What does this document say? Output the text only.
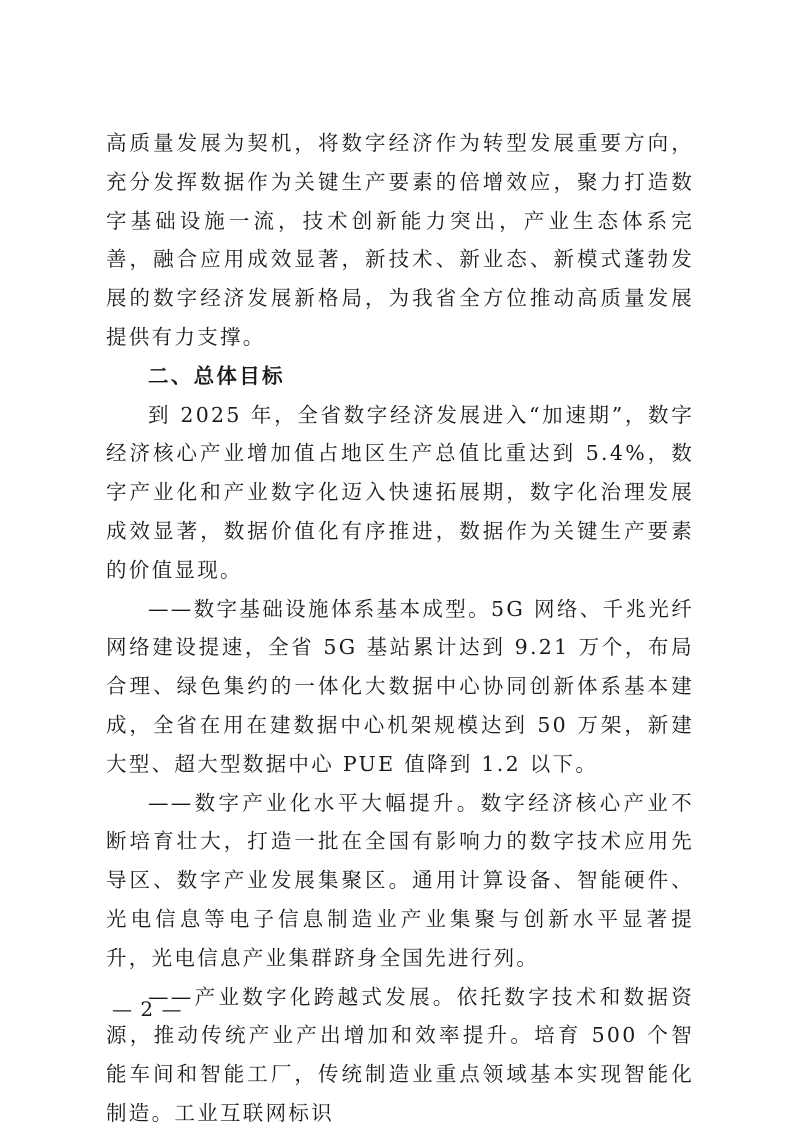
高质量发展为契机，将数字经济作为转型发展重要方向，充分发挥数据作为关键生产要素的倍增效应，聚力打造数字基础设施一流，技术创新能力突出，产业生态体系完善，融合应用成效显著，新技术、新业态、新模式蓬勃发展的数字经济发展新格局，为我省全方位推动高质量发展提供有力支撑。

二、总体目标

到 2025 年，全省数字经济发展进入“加速期”，数字经济核心产业增加值占地区生产总值比重达到 5.4%，数字产业化和产业数字化迈入快速拓展期，数字化治理发展成效显著，数据价值化有序推进，数据作为关键生产要素的价值显现。

——数字基础设施体系基本成型。5G 网络、千兆光纤网络建设提速，全省 5G 基站累计达到 9.21 万个，布局合理、绿色集约的一体化大数据中心协同创新体系基本建成，全省在用在建数据中心机架规模达到 50 万架，新建大型、超大型数据中心 PUE 值降到 1.2 以下。

——数字产业化水平大幅提升。数字经济核心产业不断培育壮大，打造一批在全国有影响力的数字技术应用先导区、数字产业发展集聚区。通用计算设备、智能硬件、光电信息等电子信息制造业产业集聚与创新水平显著提升，光电信息产业集群跻身全国先进行列。

——产业数字化跨越式发展。依托数字技术和数据资源，推动传统产业产出增加和效率提升。培育 500 个智能车间和智能工厂，传统制造业重点领域基本实现智能化制造。工业互联网标识

— 2 —
